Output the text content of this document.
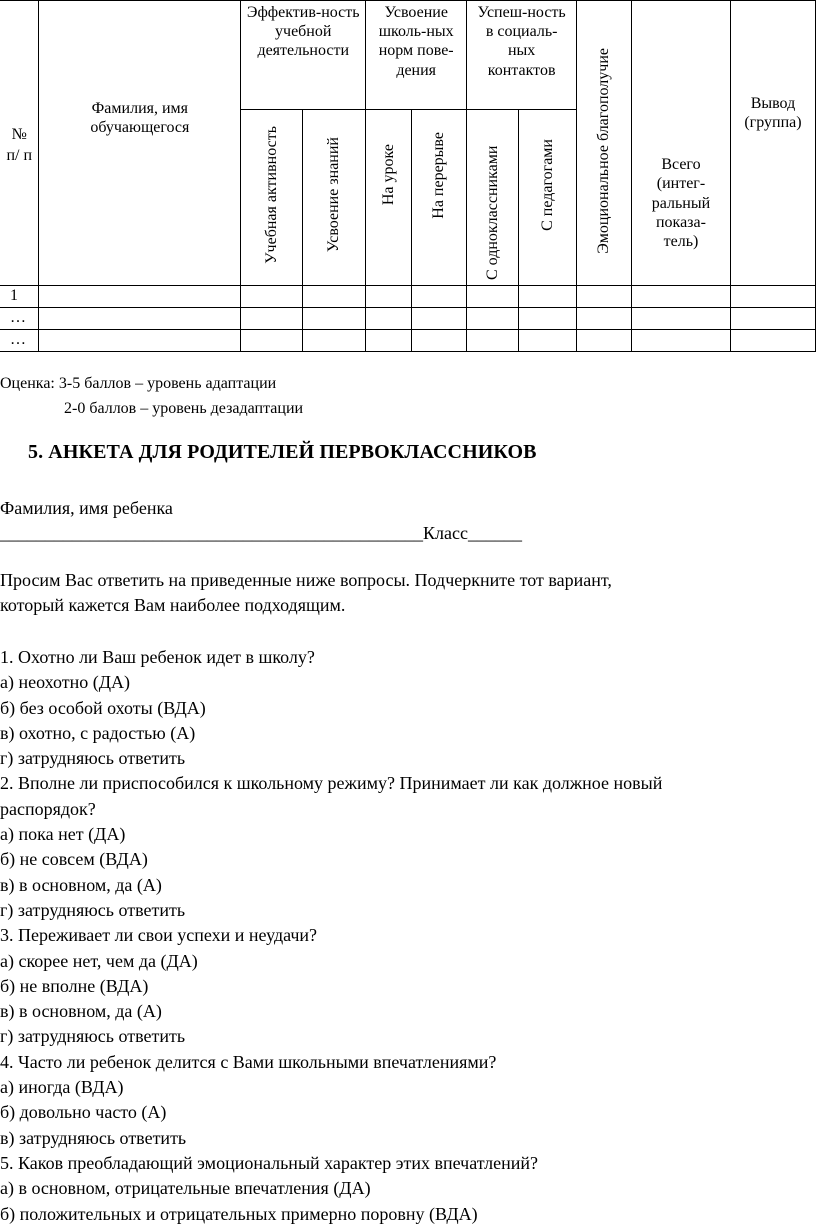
№ п/ п	Фамилия, имя обучающегося	Эффектив-ность учебной деятельности		Усвоение школь-ных норм пове-дения		Успеш-ность в социаль-ных контактов		Эмоциональное благополучие	Всего (интег-ральный показа-тель)	Вывод (группа)

		Учебная активность	Усвоение знаний	На уроке	На перерыве	С одноклассниками	С педагогами			
1										
…										
…										
Оценка: 3-5 баллов – уровень адаптации
2-0 баллов – уровень дезадаптации
5. АНКЕТА ДЛЯ РОДИТЕЛЕЙ ПЕРВОКЛАССНИКОВ
Фамилия, имя ребенка
_______________________________________________Класс______
Просим Вас ответить на приведенные ниже вопросы. Подчеркните тот вариант,
который кажется Вам наиболее подходящим.
1. Охотно ли Ваш ребенок идет в школу?
а) неохотно (ДА)
б) без особой охоты (ВДА)
в) охотно, с радостью (А)
г) затрудняюсь ответить
2. Вполне ли приспособился к школьному режиму? Принимает ли как должное новый
распорядок?
а) пока нет (ДА)
б) не совсем (ВДА)
в) в основном, да (А)
г) затрудняюсь ответить
3. Переживает ли свои успехи и неудачи?
а) скорее нет, чем да (ДА)
б) не вполне (ВДА)
в) в основном, да (А)
г) затрудняюсь ответить
4. Часто ли ребенок делится с Вами школьными впечатлениями?
а) иногда (ВДА)
б) довольно часто (А)
в) затрудняюсь ответить
5. Каков преобладающий эмоциональный характер этих впечатлений?
а) в основном, отрицательные впечатления (ДА)
б) положительных и отрицательных примерно поровну (ВДА)
